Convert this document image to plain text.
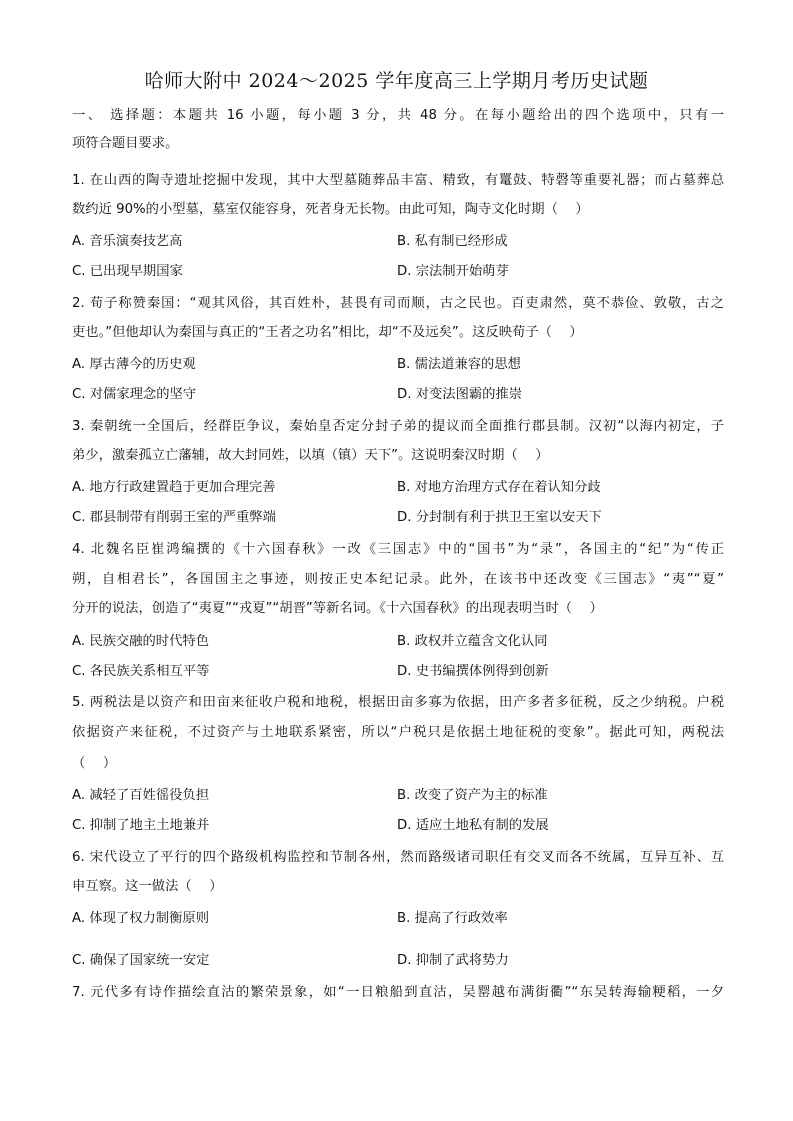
哈师大附中 2024～2025 学年度高三上学期月考历史试题
一、 选择题：本题共 16 小题，每小题 3 分，共 48 分。在每小题给出的四个选项中，只有一
项符合题目要求。
1. 在山西的陶寺遗址挖掘中发现，其中大型墓随葬品丰富、精致，有鼍鼓、特磬等重要礼器；而占墓葬总
数约近 90%的小型墓，墓室仅能容身，死者身无长物。由此可知，陶寺文化时期（　 ）
A. 音乐演奏技艺高	B. 私有制已经形成
C. 已出现早期国家	D. 宗法制开始萌芽
2. 荀子称赞秦国：“观其风俗，其百姓朴，甚畏有司而顺，古之民也。百吏肃然，莫不恭俭、敦敬，古之
吏也。”但他却认为秦国与真正的“王者之功名”相比，却“不及远矣”。这反映荀子（　 ）
A. 厚古薄今的历史观	B. 儒法道兼容的思想
C. 对儒家理念的坚守	D. 对变法图霸的推崇
3. 秦朝统一全国后，经群臣争议，秦始皇否定分封子弟的提议而全面推行郡县制。汉初“以海内初定，子
弟少，激秦孤立亡藩辅，故大封同姓，以填（镇）天下”。这说明秦汉时期（　 ）
A. 地方行政建置趋于更加合理完善	B. 对地方治理方式存在着认知分歧
C. 郡县制带有削弱王室的严重弊端	D. 分封制有利于拱卫王室以安天下
4. 北魏名臣崔鸿编撰的《十六国春秋》一改《三国志》中的“国书”为“录”，各国主的“纪”为“传正
朔，自相君长”，各国国主之事迹，则按正史本纪记录。此外，在该书中还改变《三国志》“夷”“夏”
分开的说法，创造了“夷夏”“戎夏”“胡晋”等新名词。《十六国春秋》的出现表明当时（　 ）
A. 民族交融的时代特色	B. 政权并立蕴含文化认同
C. 各民族关系相互平等	D. 史书编撰体例得到创新
5. 两税法是以资产和田亩来征收户税和地税，根据田亩多寡为依据，田产多者多征税，反之少纳税。户税
依据资产来征税，不过资产与土地联系紧密，所以“户税只是依据土地征税的变象”。据此可知，两税法
（　 ）
A. 减轻了百姓徭役负担	B. 改变了资产为主的标准
C. 抑制了地主土地兼并	D. 适应土地私有制的发展
6. 宋代设立了平行的四个路级机构监控和节制各州，然而路级诸司职任有交叉而各不统属，互异互补、互
申互察。这一做法（　 ）
A. 体现了权力制衡原则	B. 提高了行政效率
C. 确保了国家统一安定	D. 抑制了武将势力
7. 元代多有诗作描绘直沽的繁荣景象，如“一日粮船到直沽，吴罂越布满街衢”“东吴转海输粳稻，一夕
